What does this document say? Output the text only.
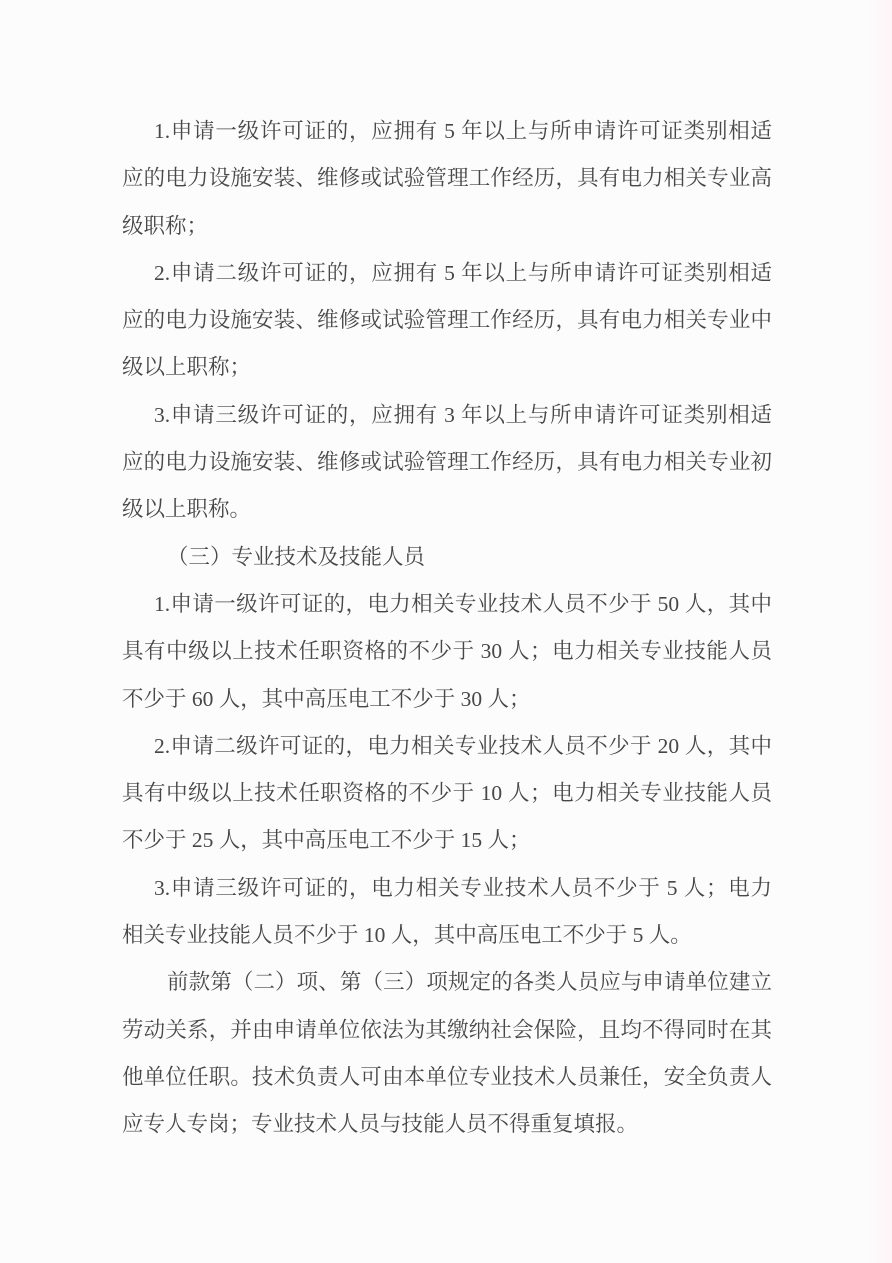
1.申请一级许可证的，应拥有 5 年以上与所申请许可证类别相适
应的电力设施安装、维修或试验管理工作经历，具有电力相关专业高
级职称；
2.申请二级许可证的，应拥有 5 年以上与所申请许可证类别相适
应的电力设施安装、维修或试验管理工作经历，具有电力相关专业中
级以上职称；
3.申请三级许可证的，应拥有 3 年以上与所申请许可证类别相适
应的电力设施安装、维修或试验管理工作经历，具有电力相关专业初
级以上职称。
（三）专业技术及技能人员
1.申请一级许可证的，电力相关专业技术人员不少于 50 人，其中
具有中级以上技术任职资格的不少于 30 人；电力相关专业技能人员
不少于 60 人，其中高压电工不少于 30 人；
2.申请二级许可证的，电力相关专业技术人员不少于 20 人，其中
具有中级以上技术任职资格的不少于 10 人；电力相关专业技能人员
不少于 25 人，其中高压电工不少于 15 人；
3.申请三级许可证的，电力相关专业技术人员不少于 5 人；电力
相关专业技能人员不少于 10 人，其中高压电工不少于 5 人。
前款第（二）项、第（三）项规定的各类人员应与申请单位建立
劳动关系，并由申请单位依法为其缴纳社会保险，且均不得同时在其
他单位任职。技术负责人可由本单位专业技术人员兼任，安全负责人
应专人专岗；专业技术人员与技能人员不得重复填报。
